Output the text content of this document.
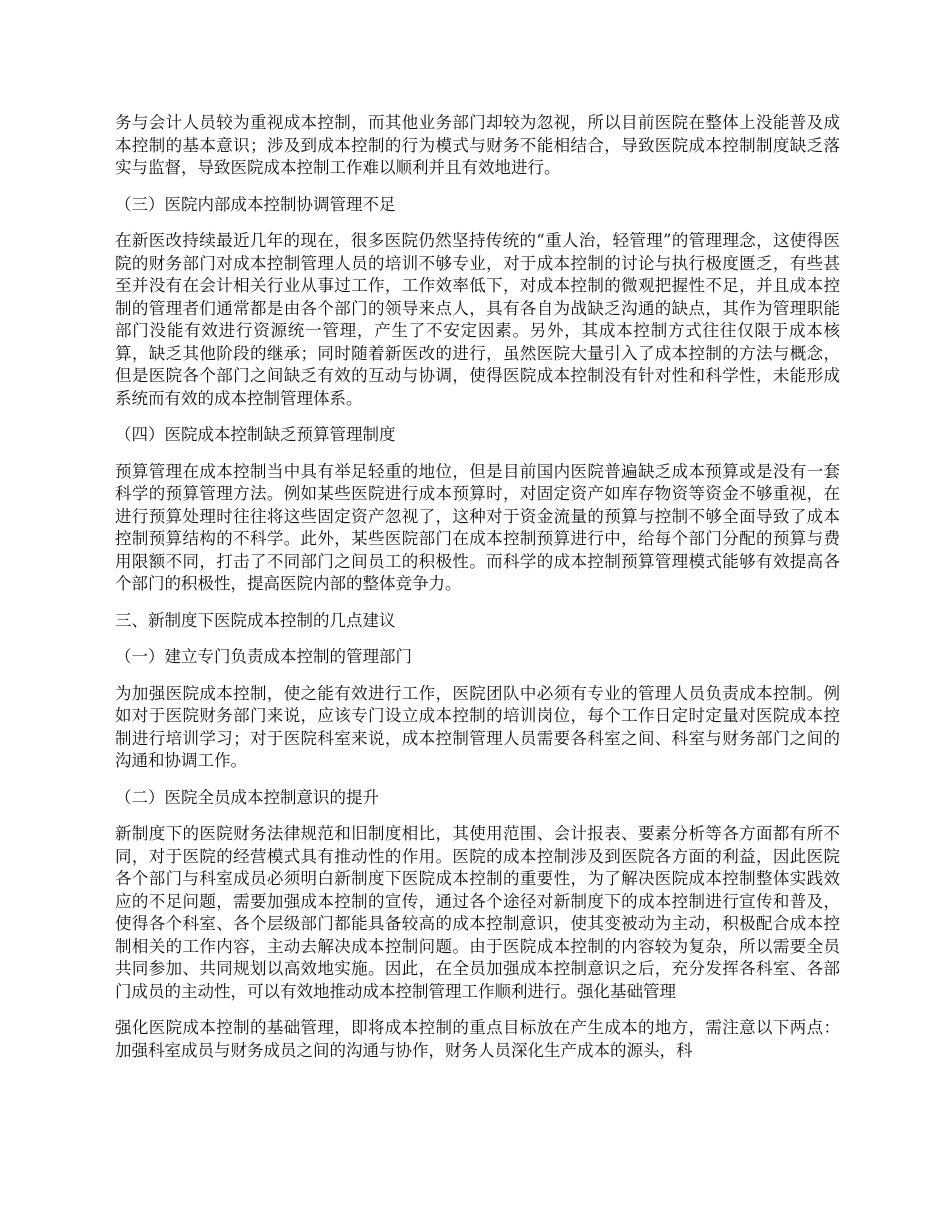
务与会计人员较为重视成本控制，而其他业务部门却较为忽视，所以目前医院在整体上没能普及成本控制的基本意识；涉及到成本控制的行为模式与财务不能相结合，导致医院成本控制制度缺乏落实与监督，导致医院成本控制工作难以顺利并且有效地进行。

（三）医院内部成本控制协调管理不足

在新医改持续最近几年的现在，很多医院仍然坚持传统的“重人治，轻管理”的管理理念，这使得医院的财务部门对成本控制管理人员的培训不够专业，对于成本控制的讨论与执行极度匮乏，有些甚至并没有在会计相关行业从事过工作，工作效率低下，对成本控制的微观把握性不足，并且成本控制的管理者们通常都是由各个部门的领导来点人，具有各自为战缺乏沟通的缺点，其作为管理职能部门没能有效进行资源统一管理，产生了不安定因素。另外，其成本控制方式往往仅限于成本核算，缺乏其他阶段的继承；同时随着新医改的进行，虽然医院大量引入了成本控制的方法与概念，但是医院各个部门之间缺乏有效的互动与协调，使得医院成本控制没有针对性和科学性，未能形成系统而有效的成本控制管理体系。

（四）医院成本控制缺乏预算管理制度

预算管理在成本控制当中具有举足轻重的地位，但是目前国内医院普遍缺乏成本预算或是没有一套科学的预算管理方法。例如某些医院进行成本预算时，对固定资产如库存物资等资金不够重视，在进行预算处理时往往将这些固定资产忽视了，这种对于资金流量的预算与控制不够全面导致了成本控制预算结构的不科学。此外，某些医院部门在成本控制预算进行中，给每个部门分配的预算与费用限额不同，打击了不同部门之间员工的积极性。而科学的成本控制预算管理模式能够有效提高各个部门的积极性，提高医院内部的整体竞争力。

三、新制度下医院成本控制的几点建议

（一）建立专门负责成本控制的管理部门

为加强医院成本控制，使之能有效进行工作，医院团队中必须有专业的管理人员负责成本控制。例如对于医院财务部门来说，应该专门设立成本控制的培训岗位，每个工作日定时定量对医院成本控制进行培训学习；对于医院科室来说，成本控制管理人员需要各科室之间、科室与财务部门之间的沟通和协调工作。

（二）医院全员成本控制意识的提升

新制度下的医院财务法律规范和旧制度相比，其使用范围、会计报表、要素分析等各方面都有所不同，对于医院的经营模式具有推动性的作用。医院的成本控制涉及到医院各方面的利益，因此医院各个部门与科室成员必须明白新制度下医院成本控制的重要性，为了解决医院成本控制整体实践效应的不足问题，需要加强成本控制的宣传，通过各个途径对新制度下的成本控制进行宣传和普及，使得各个科室、各个层级部门都能具备较高的成本控制意识，使其变被动为主动，积极配合成本控制相关的工作内容，主动去解决成本控制问题。由于医院成本控制的内容较为复杂，所以需要全员共同参加、共同规划以高效地实施。因此，在全员加强成本控制意识之后，充分发挥各科室、各部门成员的主动性，可以有效地推动成本控制管理工作顺利进行。强化基础管理

强化医院成本控制的基础管理，即将成本控制的重点目标放在产生成本的地方，需注意以下两点：加强科室成员与财务成员之间的沟通与协作，财务人员深化生产成本的源头，科
